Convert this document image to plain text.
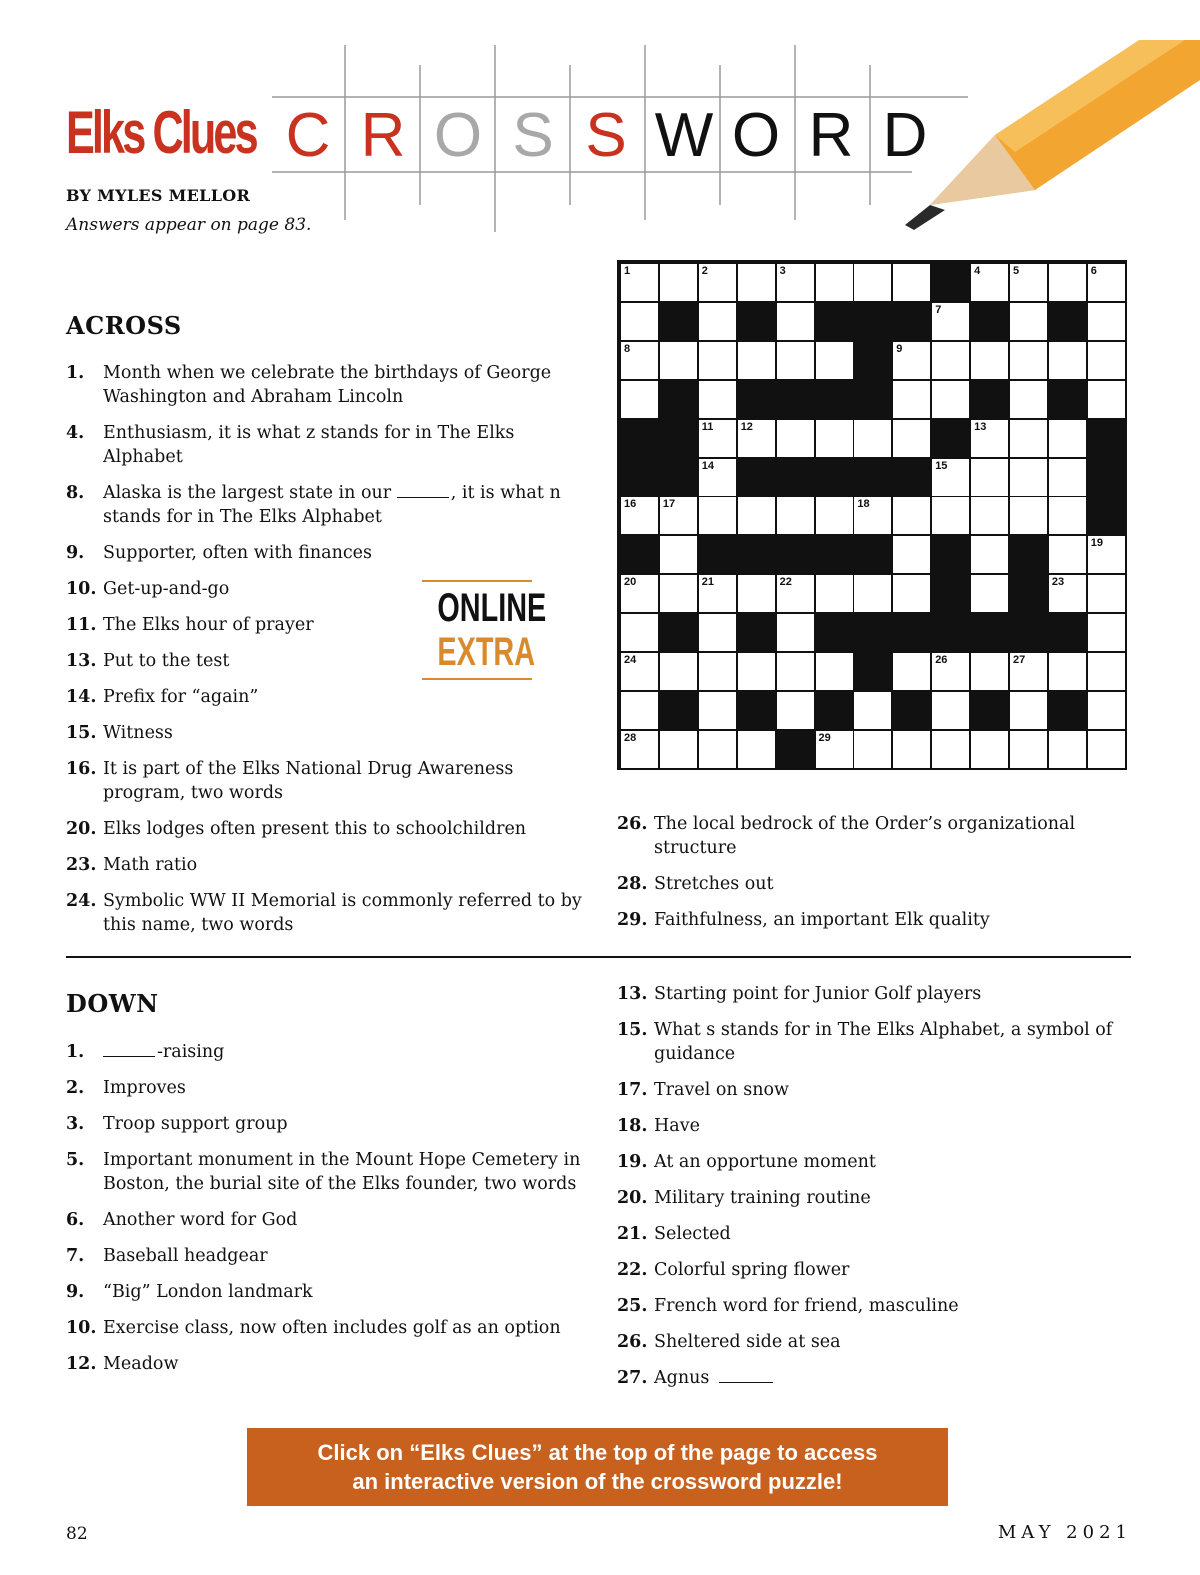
C R O S S W O R D
Elks Clues
BY MYLES MELLOR
Answers appear on page 83.
ACROSS
1.	Month when we celebrate the birthdays of George Washington and Abraham Lincoln
4.	Enthusiasm, it is what z stands for in The Elks Alphabet
8.	Alaska is the largest state in our	, it is what n stands for in The Elks Alphabet
9.	Supporter, often with finances
10. Get-up-and-go
11. The Elks hour of prayer
13. Put to the test
14. Prefix for “again”
15. Witness
16. It is part of the Elks National Drug Awareness program, two words
20. Elks lodges often present this to schoolchildren
23. Math ratio
24. Symbolic WW II Memorial is commonly referred to by this name, two words
ONLINE
EXTRA
1	2	3	4	5	6
7
8	9
10
11 12	13
14	15
16 17	18
19
20	21	22	23
24	25	26	27
28	29
26. The local bedrock of the Order’s organizational structure
28. Stretches out
29. Faithfulness, an important Elk quality
DOWN
1.	-raising
2.	Improves
3.	Troop support group
5.	Important monument in the Mount Hope Cemetery in Boston, the burial site of the Elks founder, two words
6.	Another word for God
7.	Baseball headgear
9.	“Big” London landmark
10. Exercise class, now often includes golf as an option
12. Meadow
13. Starting point for Junior Golf players
15. What s stands for in The Elks Alphabet, a symbol of guidance
17. Travel on snow
18. Have
19. At an opportune moment
20. Military training routine
21. Selected
22. Colorful spring flower
25. French word for friend, masculine
26. Sheltered side at sea
27. Agnus
Click on “Elks Clues” at the top of the page to access
an interactive version of the crossword puzzle!
82	MAY 2021
